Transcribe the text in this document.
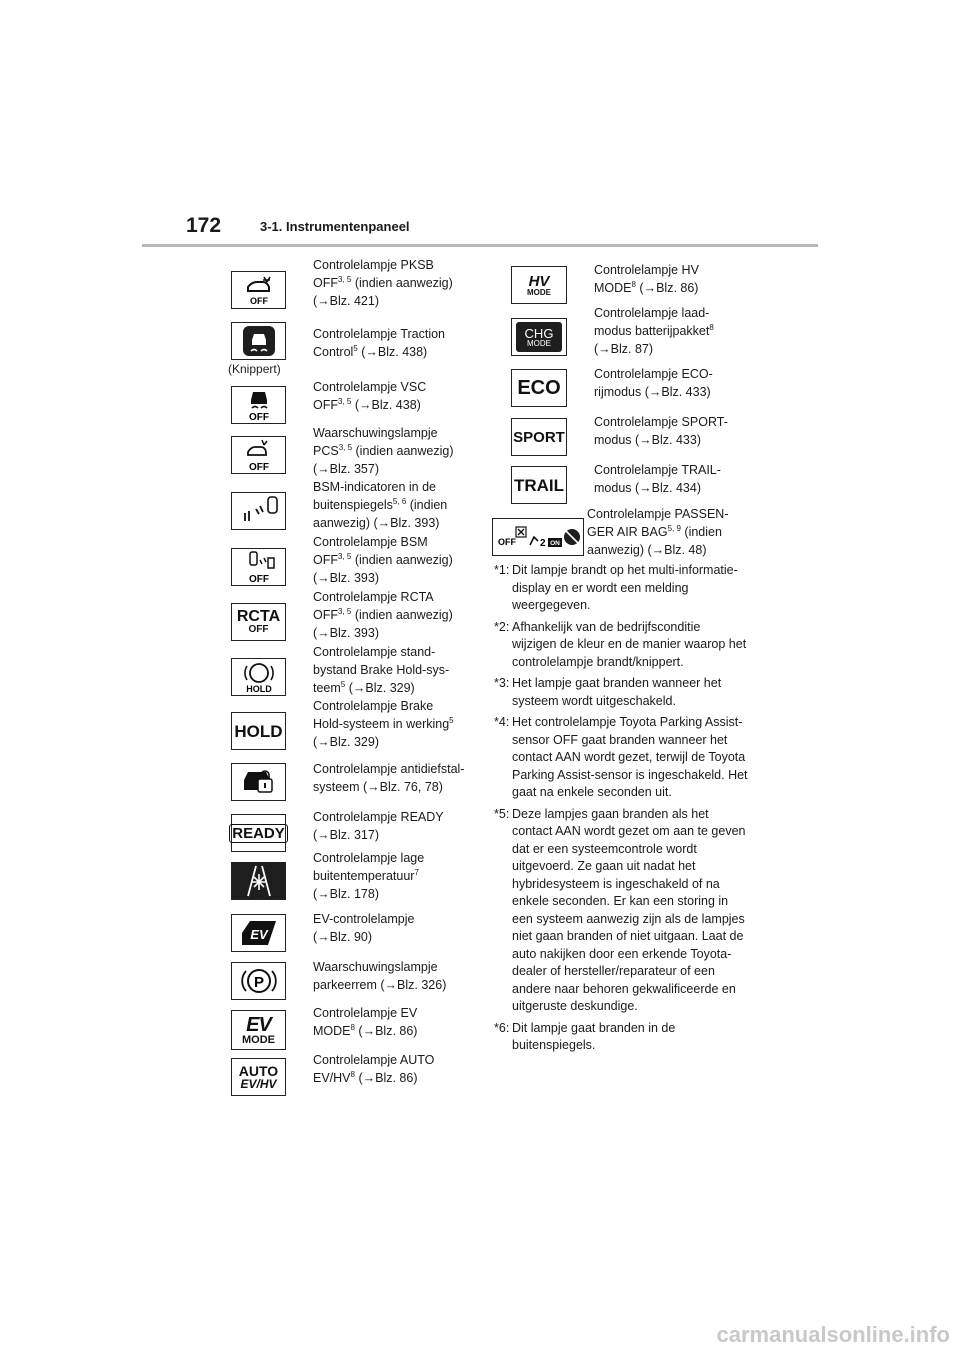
172	3-1. Instrumentenpaneel
OFF
Controlelampje PKSB
OFF$^{3, 5}$ (indien aanwezig)
(→Blz. 421)
(Knippert)
Controlelampje Traction
Control$^5$ (→Blz. 438)
OFF
Controlelampje VSC
OFF$^{3, 5}$ (→Blz. 438)
OFF
Waarschuwingslampje
PCS$^{3, 5}$ (indien aanwezig)
(→Blz. 357)
BSM-indicatoren in de
buitenspiegels$^{5, 6}$ (indien
aanwezig) (→Blz. 393)
OFF
Controlelampje BSM
OFF$^{3, 5}$ (indien aanwezig)
(→Blz. 393)
RCTA
OFF
Controlelampje RCTA
OFF$^{3, 5}$ (indien aanwezig)
(→Blz. 393)
HOLD
Controlelampje stand-
bystand Brake Hold-sys-
teem$^5$ (→Blz. 329)
HOLD
Controlelampje Brake
Hold-systeem in werking$^5$
(→Blz. 329)
Controlelampje antidiefstal-
systeem (→Blz. 76, 78)
READY
Controlelampje READY
(→Blz. 317)
Controlelampje lage
buitentemperatuur$^7$
(→Blz. 178)
EV
EV-controlelampje
(→Blz. 90)
P
Waarschuwingslampje
parkeerrem (→Blz. 326)
EV
MODE
Controlelampje EV
MODE$^8$ (→Blz. 86)
AUTO
EV/HV
Controlelampje AUTO
$EV/HV^8$ (→Blz. 86)
HV
MODE
Controlelampje HV
MODE$^8$ (→Blz. 86)
CHG
MODE
Controlelampje laad-
modus batterijpakket$^8$
(→Blz. 87)
ECO
Controlelampje ECO-
rijmodus (→Blz. 433)
SPORT
Controlelampje SPORT-
modus (→Blz. 433)
TRAIL
Controlelampje TRAIL-
modus (→Blz. 434)
OFF 2 ON
Controlelampje PASSEN-
GER AIR BAG$^{5, 9}$ (indien
aanwezig) (→Blz. 48)
*1: Dit lampje brandt op het multi-informatie-display en er wordt een melding weergegeven.
*2: Afhankelijk van de bedrijfsconditie wijzigen de kleur en de manier waarop het controlelampje brandt/knippert.
*3: Het lampje gaat branden wanneer het systeem wordt uitgeschakeld.
*4: Het controlelampje Toyota Parking Assist-sensor OFF gaat branden wanneer het contact AAN wordt gezet, terwijl de Toyota Parking Assist-sensor is ingeschakeld. Het gaat na enkele seconden uit.
*5: Deze lampjes gaan branden als het contact AAN wordt gezet om aan te geven dat er een systeemcontrole wordt uitgevoerd. Ze gaan uit nadat het hybridesysteem is ingeschakeld of na enkele seconden. Er kan een storing in een systeem aanwezig zijn als de lampjes niet gaan branden of niet uitgaan. Laat de auto nakijken door een erkende Toyota-dealer of hersteller/reparateur of een andere naar behoren gekwalificeerde en uitgeruste deskundige.
*6: Dit lampje gaat branden in de buitenspiegels.
carmanualsonline.info
